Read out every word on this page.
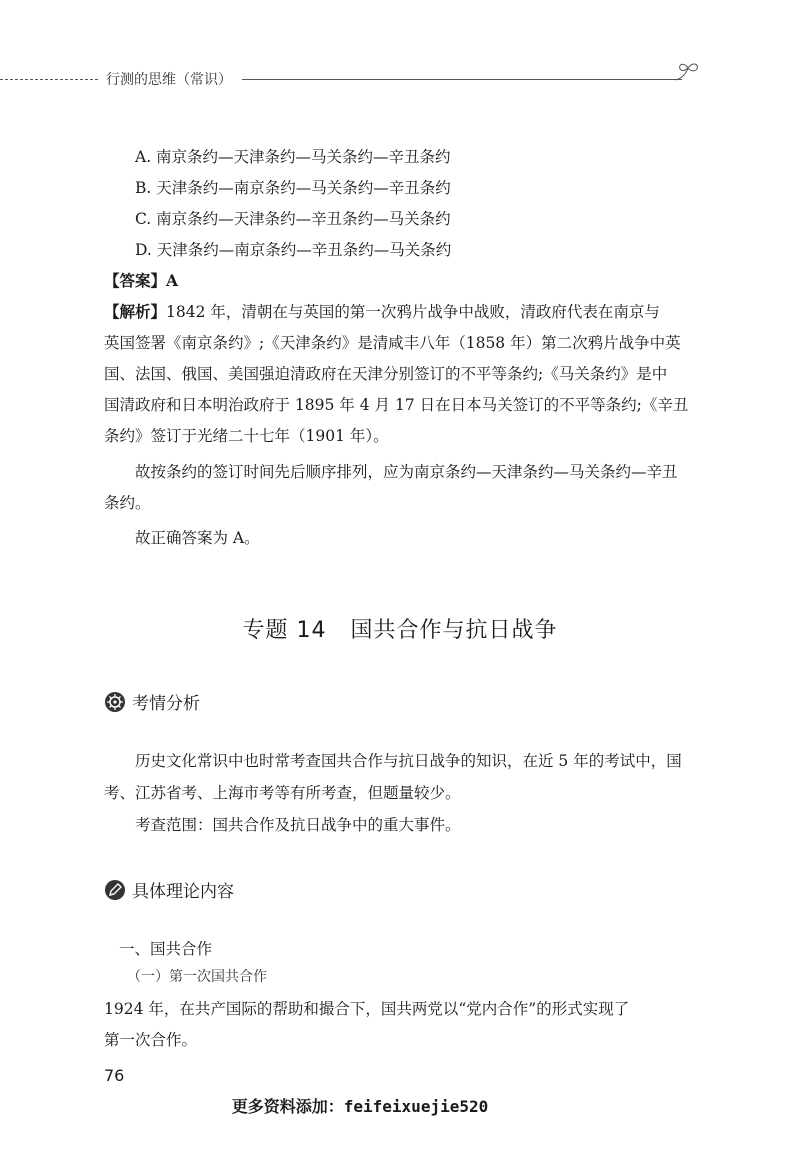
行测的思维（常识）
A. 南京条约—天津条约—马关条约—辛丑条约
B. 天津条约—南京条约—马关条约—辛丑条约
C. 南京条约—天津条约—辛丑条约—马关条约
D. 天津条约—南京条约—辛丑条约—马关条约
【答案】A
【解析】1842 年，清朝在与英国的第一次鸦片战争中战败，清政府代表在南京与
英国签署《南京条约》;《天津条约》是清咸丰八年（1858 年）第二次鸦片战争中英
国、法国、俄国、美国强迫清政府在天津分别签订的不平等条约;《马关条约》是中
国清政府和日本明治政府于 1895 年 4 月 17 日在日本马关签订的不平等条约;《辛丑
条约》签订于光绪二十七年（1901 年）。
故按条约的签订时间先后顺序排列，应为南京条约—天津条约—马关条约—辛丑
条约。
故正确答案为 A。
专题 14 国共合作与抗日战争
考情分析
历史文化常识中也时常考查国共合作与抗日战争的知识，在近 5 年的考试中，国
考、江苏省考、上海市考等有所考查，但题量较少。
考查范围：国共合作及抗日战争中的重大事件。
具体理论内容
一、国共合作
（一）第一次国共合作
1924 年，在共产国际的帮助和撮合下，国共两党以“党内合作”的形式实现了
第一次合作。
76
更多资料添加：feifeixuejie520
